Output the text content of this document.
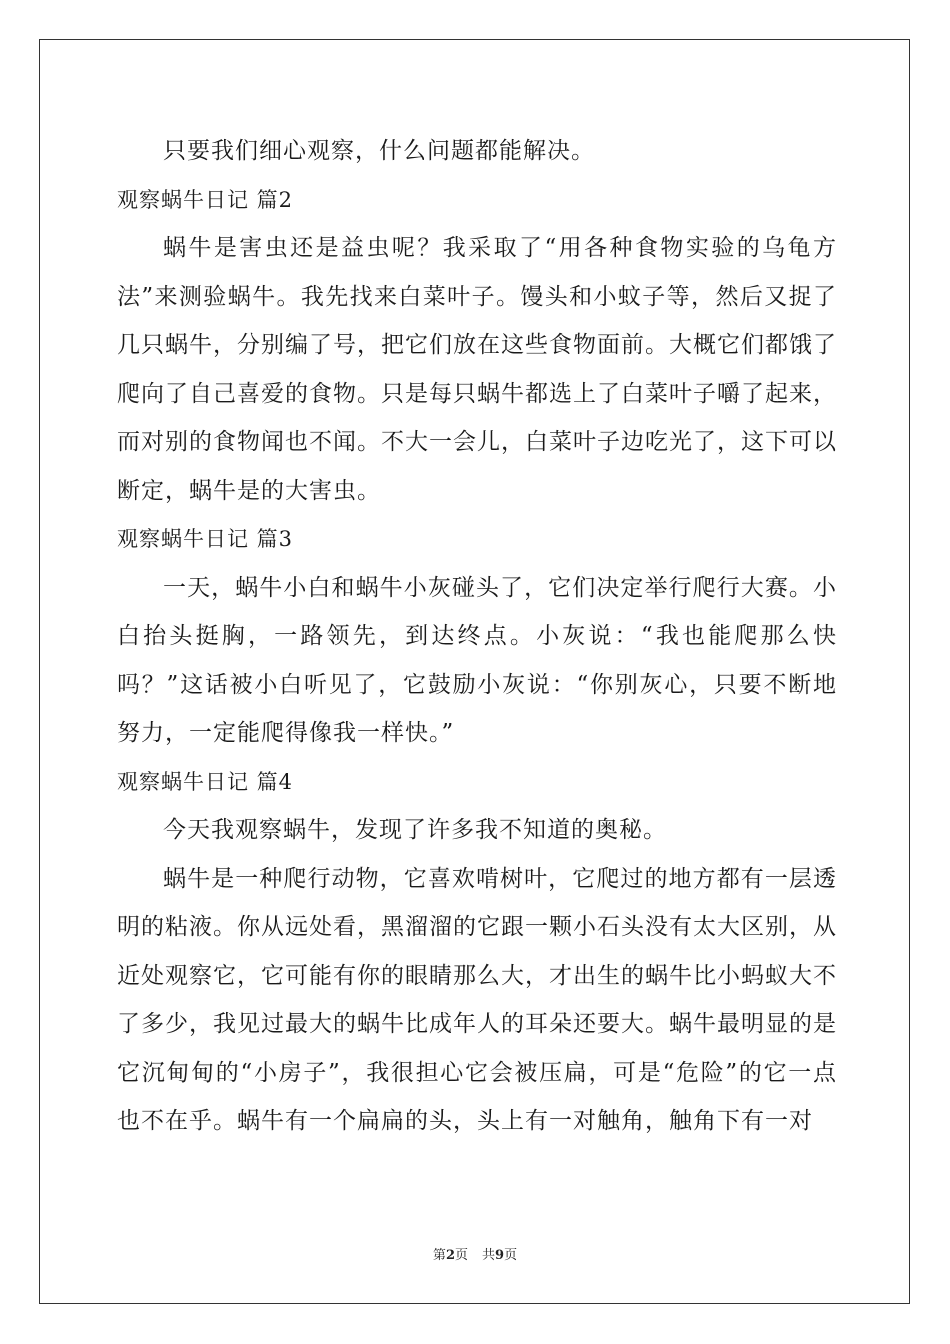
只要我们细心观察，什么问题都能解决。

观察蜗牛日记 篇2

蜗牛是害虫还是益虫呢？我采取了“用各种食物实验的乌龟方法”来测验蜗牛。我先找来白菜叶子。馒头和小蚊子等，然后又捉了几只蜗牛，分别编了号，把它们放在这些食物面前。大概它们都饿了爬向了自己喜爱的食物。只是每只蜗牛都选上了白菜叶子嚼了起来，而对别的食物闻也不闻。不大一会儿，白菜叶子边吃光了，这下可以断定，蜗牛是的大害虫。

观察蜗牛日记 篇3

一天，蜗牛小白和蜗牛小灰碰头了，它们决定举行爬行大赛。小白抬头挺胸，一路领先，到达终点。小灰说：“我也能爬那么快吗？”这话被小白听见了，它鼓励小灰说：“你别灰心，只要不断地努力，一定能爬得像我一样快。”

观察蜗牛日记 篇4

今天我观察蜗牛，发现了许多我不知道的奥秘。

蜗牛是一种爬行动物，它喜欢啃树叶，它爬过的地方都有一层透明的粘液。你从远处看，黑溜溜的它跟一颗小石头没有太大区别，从近处观察它，它可能有你的眼睛那么大，才出生的蜗牛比小蚂蚁大不了多少，我见过最大的蜗牛比成年人的耳朵还要大。蜗牛最明显的是它沉甸甸的“小房子”，我很担心它会被压扁，可是“危险”的它一点也不在乎。蜗牛有一个扁扁的头，头上有一对触角，触角下有一对

第2页 共9页
